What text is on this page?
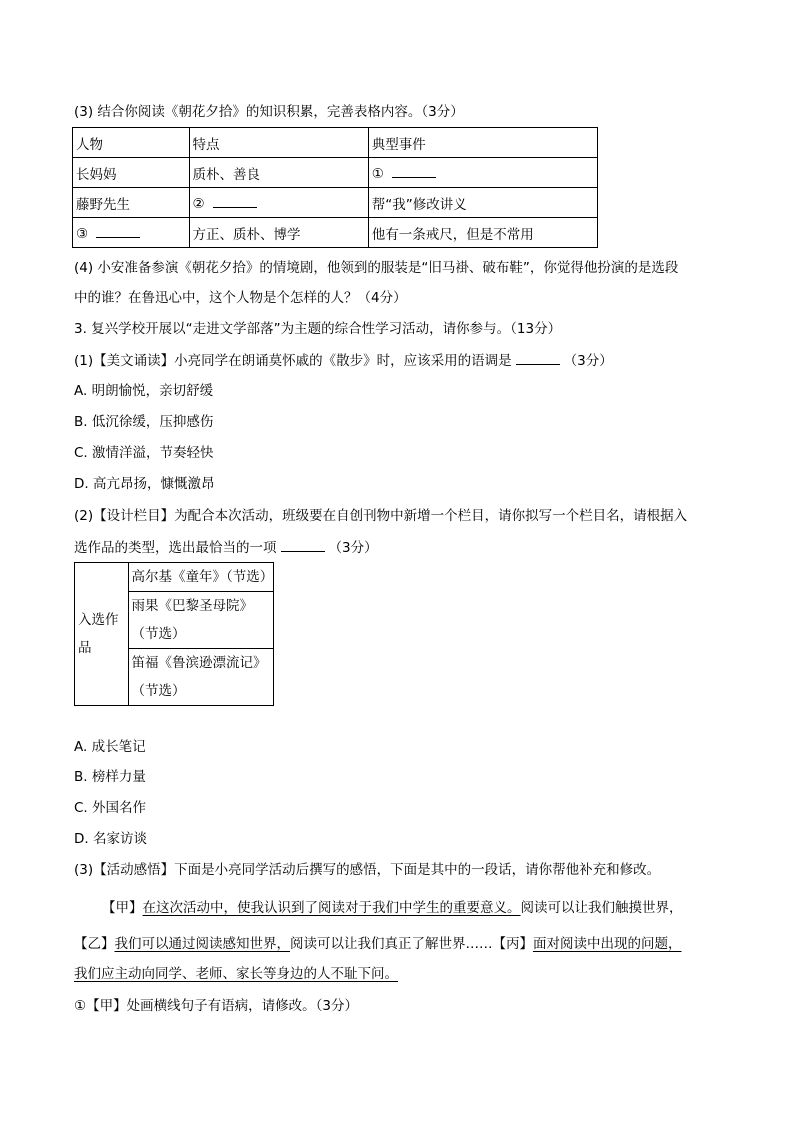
(3) 结合你阅读《朝花夕拾》的知识积累，完善表格内容。（3分）
人物	特点	典型事件
长妈妈	质朴、善良	①
藤野先生	②	帮“我”修改讲义
③	方正、质朴、博学	他有一条戒尺，但是不常用
(4) 小安准备参演《朝花夕拾》的情境剧，他领到的服装是“旧马褂、破布鞋”，你觉得他扮演的是选段
中的谁？在鲁迅心中，这个人物是个怎样的人？（4分）
3. 复兴学校开展以“走进文学部落”为主题的综合性学习活动，请你参与。（13分）
(1)【美文诵读】小亮同学在朗诵莫怀戚的《散步》时，应该采用的语调是	（3分）
A. 明朗愉悦，亲切舒缓
B. 低沉徐缓，压抑感伤
C. 激情洋溢，节奏轻快
D. 高亢昂扬，慷慨激昂
(2)【设计栏目】为配合本次活动，班级要在自创刊物中新增一个栏目，请你拟写一个栏目名，请根据入
选作品的类型，选出最恰当的一项	（3分）
入选作品	高尔基《童年》（节选）
雨果《巴黎圣母院》（节选）
笛福《鲁滨逊漂流记》（节选）
A. 成长笔记
B. 榜样力量
C. 外国名作
D. 名家访谈
(3)【活动感悟】下面是小亮同学活动后撰写的感悟，下面是其中的一段话，请你帮他补充和修改。
【甲】在这次活动中，使我认识到了阅读对于我们中学生的重要意义。阅读可以让我们触摸世界，
【乙】我们可以通过阅读感知世界，阅读可以让我们真正了解世界……【丙】面对阅读中出现的问题，
我们应主动向同学、老师、家长等身边的人不耻下问。
①【甲】处画横线句子有语病，请修改。（3分）
